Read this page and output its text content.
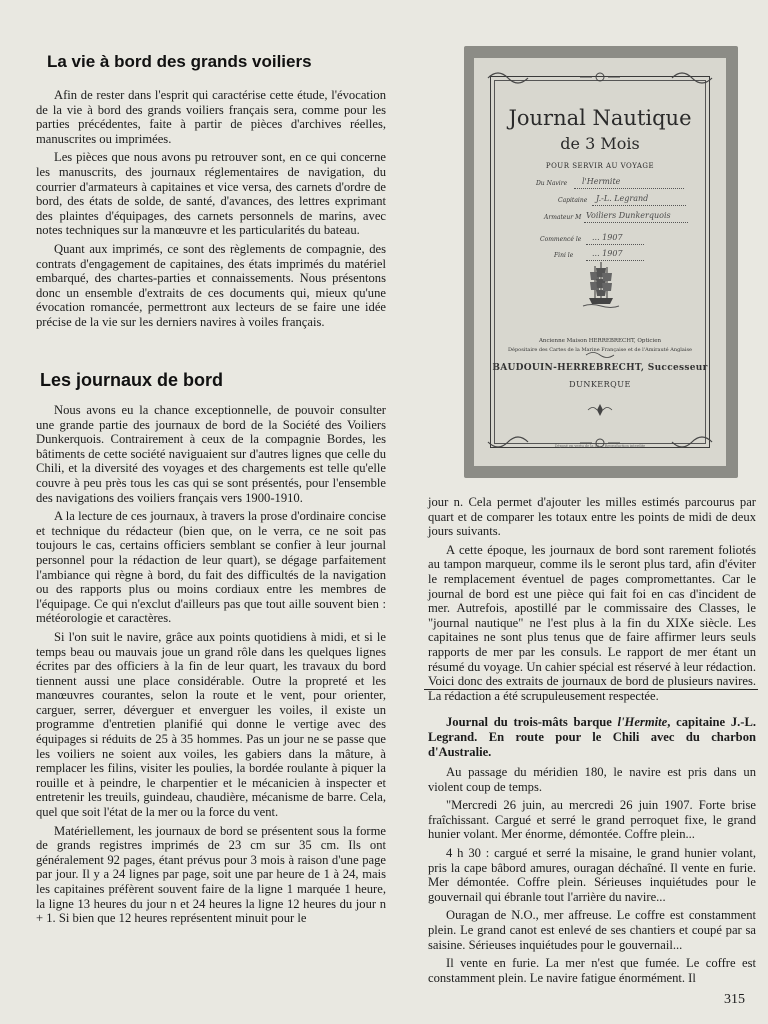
La vie à bord des grands voiliers

Afin de rester dans l'esprit qui caractérise cette étude, l'évocation de la vie à bord des grands voiliers français sera, comme pour les parties précédentes, faite à partir de pièces d'archives réelles, manuscrites ou imprimées.

Les pièces que nous avons pu retrouver sont, en ce qui concerne les manuscrits, des journaux réglementaires de navigation, du courrier d'armateurs à capitaines et vice versa, des carnets d'ordre de bord, des états de solde, de santé, d'avances, des lettres exprimant des plaintes d'équipages, des carnets personnels de marins, avec notes techniques sur la manœuvre et les particularités du bateau.

Quant aux imprimés, ce sont des règlements de compagnie, des contrats d'engagement de capitaines, des états imprimés du matériel embarqué, des chartes-parties et connaissements. Nous présentons donc un ensemble d'extraits de ces documents qui, mieux qu'une évocation romancée, permettront aux lecteurs de se faire une idée précise de la vie sur les derniers navires à voiles français.

Les journaux de bord

Nous avons eu la chance exceptionnelle, de pouvoir consulter une grande partie des journaux de bord de la Société des Voiliers Dunkerquois. Contrairement à ceux de la compagnie Bordes, les bâtiments de cette société naviguaient sur d'autres lignes que celle du Chili, et la diversité des voyages et des chargements est telle qu'elle couvre à peu près tous les cas qui se sont présentés, pour l'ensemble des navigations des voiliers français vers 1900-1910.

A la lecture de ces journaux, à travers la prose d'ordinaire concise et technique du rédacteur (bien que, on le verra, ce ne soit pas toujours le cas, certains officiers semblant se confier à leur journal personnel pour la rédaction de leur quart), se dégage parfaitement l'ambiance qui règne à bord, du fait des difficultés de la navigation ou des rapports plus ou moins cordiaux entre les membres de l'équipage. Ce qui n'exclut d'ailleurs pas que tout aille souvent bien : météorologie et caractères.

Si l'on suit le navire, grâce aux points quotidiens à midi, et si le temps beau ou mauvais joue un grand rôle dans les quelques lignes écrites par des officiers à la fin de leur quart, les travaux du bord tiennent aussi une place considérable. Outre la propreté et les manœuvres courantes, selon la route et le vent, pour orienter, carguer, serrer, déverguer et enverguer les voiles, il existe un programme d'entretien planifié qui donne le vertige avec des équipages si réduits de 25 à 35 hommes. Pas un jour ne se passe que les voiliers ne soient aux voiles, les gabiers dans la mâture, à remplacer les filins, visiter les poulies, la bordée roulante à piquer la rouille et à peindre, le charpentier et le mécanicien à inspecter et entretenir les treuils, guindeau, chaudière, mécanisme de barre. Cela, quel que soit l'état de la mer ou la force du vent.

Matériellement, les journaux de bord se présentent sous la forme de grands registres imprimés de 23 cm sur 35 cm. Ils ont généralement 92 pages, étant prévus pour 3 mois à raison d'une page par jour. Il y a 24 lignes par page, soit une par heure de 1 à 24, mais les capitaines préfèrent souvent faire de la ligne 1 marquée 1 heure, la ligne 13 heures du jour n et 24 heures la ligne 12 heures du jour n + 1. Si bien que 12 heures représentent minuit pour le

Journal Nautique
de 3 Mois
POUR SERVIR AU VOYAGE
Du Navire l'Hermite
Capitaine J.-L. Legrand
Armateur M Voiliers Dunkerquois
Commencé le ... 1907
Fini le ... 1907
Ancienne Maison HERREBRECHT, Opticien
Dépositaire des Cartes de la Marine Française et de l'Amirauté Anglaise
BAUDOUIN-HERREBRECHT, Successeur
DUNKERQUE
Déposé en vertu de la loi — Reproduction interdite

jour n. Cela permet d'ajouter les milles estimés parcourus par quart et de comparer les totaux entre les points de midi de deux jours suivants.

A cette époque, les journaux de bord sont rarement foliotés au tampon marqueur, comme ils le seront plus tard, afin d'éviter le remplacement éventuel de pages compromettantes. Car le journal de bord est une pièce qui fait foi en cas d'incident de mer. Autrefois, apostillé par le commissaire des Classes, le "journal nautique" ne l'est plus à la fin du XIXe siècle. Les capitaines ne sont plus tenus que de faire affirmer leurs seuls rapports de mer par les consuls. Le rapport de mer étant un résumé du voyage. Un cahier spécial est réservé à leur rédaction. Voici donc des extraits de journaux de bord de plusieurs navires. La rédaction a été scrupuleusement respectée.

Journal du trois-mâts barque l'Hermite, capitaine J.-L. Legrand. En route pour le Chili avec du charbon d'Australie.

Au passage du méridien 180, le navire est pris dans un violent coup de temps.

"Mercredi 26 juin, au mercredi 26 juin 1907. Forte brise fraîchissant. Cargué et serré le grand perroquet fixe, le grand hunier volant. Mer énorme, démontée. Coffre plein...

4 h 30 : cargué et serré la misaine, le grand hunier volant, pris la cape bâbord amures, ouragan déchaîné. Il vente en furie. Mer démontée. Coffre plein. Sérieuses inquiétudes pour le gouvernail qui ébranle tout l'arrière du navire...

Ouragan de N.O., mer affreuse. Le coffre est constamment plein. Le grand canot est enlevé de ses chantiers et coupé par sa saisine. Sérieuses inquiétudes pour le gouvernail...

Il vente en furie. La mer n'est que fumée. Le coffre est constamment plein. Le navire fatigue énormément. Il

315
